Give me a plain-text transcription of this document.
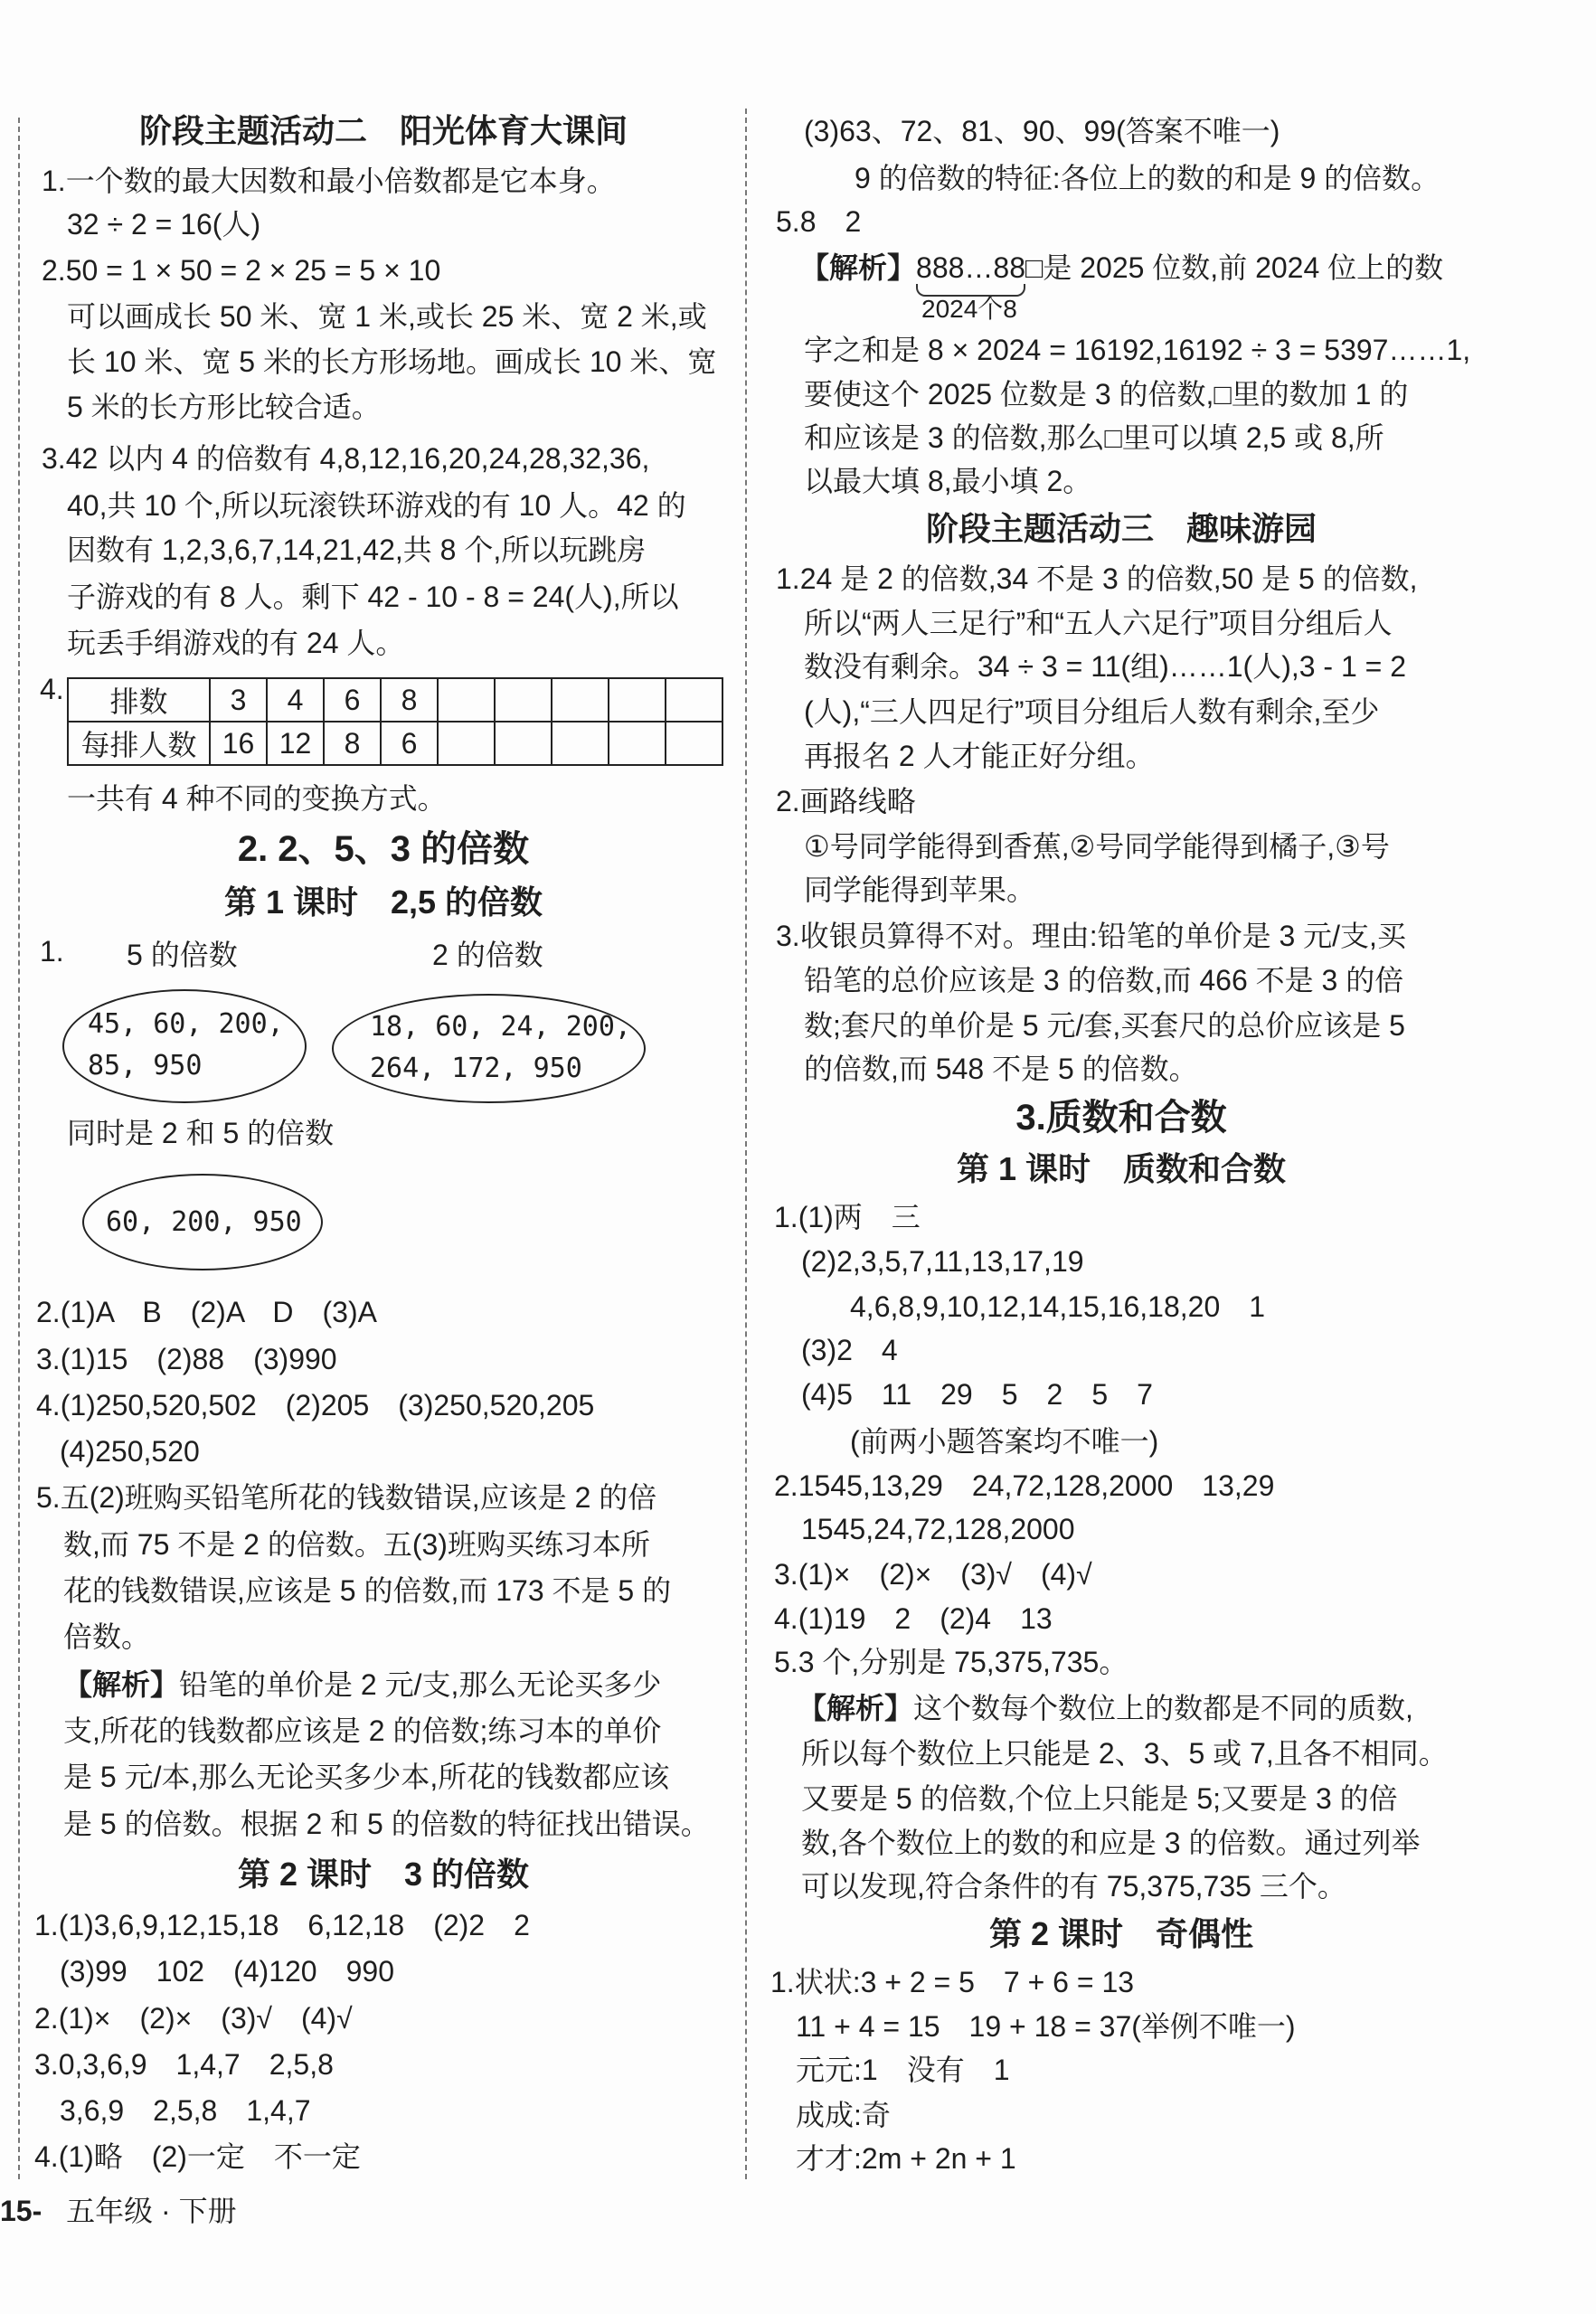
阶段主题活动二　阳光体育大课间
1.一个数的最大因数和最小倍数都是它本身。
32 ÷ 2 = 16(人)
2.50 = 1 × 50 = 2 × 25 = 5 × 10
可以画成长 50 米、宽 1 米,或长 25 米、宽 2 米,或
长 10 米、宽 5 米的长方形场地。画成长 10 米、宽
5 米的长方形比较合适。
3.42 以内 4 的倍数有 4,8,12,16,20,24,28,32,36,
40,共 10 个,所以玩滚铁环游戏的有 10 人。42 的
因数有 1,2,3,6,7,14,21,42,共 8 个,所以玩跳房
子游戏的有 8 人。剩下 42 - 10 - 8 = 24(人),所以
玩丢手绢游戏的有 24 人。
4. 排数	3	4	6	8					
每排人数	16	12	8	6					
一共有 4 种不同的变换方式。
2. 2、5、3 的倍数
第 1 课时　2,5 的倍数
1. 5 的倍数	2 的倍数
45, 60, 200,
85, 950
18, 60, 24, 200,
264, 172, 950
同时是 2 和 5 的倍数
60, 200, 950
2.(1)A　B　(2)A　D　(3)A
3.(1)15　(2)88　(3)990
4.(1)250,520,502　(2)205　(3)250,520,205
(4)250,520
5.五(2)班购买铅笔所花的钱数错误,应该是 2 的倍
数,而 75 不是 2 的倍数。五(3)班购买练习本所
花的钱数错误,应该是 5 的倍数,而 173 不是 5 的
倍数。
【解析】铅笔的单价是 2 元/支,那么无论买多少
支,所花的钱数都应该是 2 的倍数;练习本的单价
是 5 元/本,那么无论买多少本,所花的钱数都应该
是 5 的倍数。根据 2 和 5 的倍数的特征找出错误。
第 2 课时　3 的倍数
1.(1)3,6,9,12,15,18　6,12,18　(2)2　2
(3)99　102　(4)120　990
2.(1)×　(2)×　(3)√　(4)√
3.0,3,6,9　1,4,7　2,5,8
3,6,9　2,5,8　1,4,7
4.(1)略　(2)一定　不一定
(3)63、72、81、90、99(答案不唯一)
9 的倍数的特征:各位上的数的和是 9 的倍数。
5.8　2
【解析】888…88
2024个8
□是 2025 位数,前 2024 位上的数
字之和是 8 × 2024 = 16192,16192 ÷ 3 = 5397……1,
要使这个 2025 位数是 3 的倍数,□里的数加 1 的
和应该是 3 的倍数,那么□里可以填 2,5 或 8,所
以最大填 8,最小填 2。
阶段主题活动三　趣味游园
1.24 是 2 的倍数,34 不是 3 的倍数,50 是 5 的倍数,
所以“两人三足行”和“五人六足行”项目分组后人
数没有剩余。34 ÷ 3 = 11(组)……1(人),3 - 1 = 2
(人),“三人四足行”项目分组后人数有剩余,至少
再报名 2 人才能正好分组。
2.画路线略
①号同学能得到香蕉,②号同学能得到橘子,③号
同学能得到苹果。
3.收银员算得不对。理由:铅笔的单价是 3 元/支,买
铅笔的总价应该是 3 的倍数,而 466 不是 3 的倍
数;套尺的单价是 5 元/套,买套尺的总价应该是 5
的倍数,而 548 不是 5 的倍数。
3.质数和合数
第 1 课时　质数和合数
1.(1)两　三
(2)2,3,5,7,11,13,17,19
4,6,8,9,10,12,14,15,16,18,20　1
(3)2　4
(4)5　11　29　5　2　5　7
(前两小题答案均不唯一)
2.1545,13,29　24,72,128,2000　13,29
1545,24,72,128,2000
3.(1)×　(2)×　(3)√　(4)√
4.(1)19　2　(2)4　13
5.3 个,分别是 75,375,735。
【解析】这个数每个数位上的数都是不同的质数,
所以每个数位上只能是 2、3、5 或 7,且各不相同。
又要是 5 的倍数,个位上只能是 5;又要是 3 的倍
数,各个数位上的数的和应是 3 的倍数。通过列举
可以发现,符合条件的有 75,375,735 三个。
第 2 课时　奇偶性
1.状状:3 + 2 = 5　7 + 6 = 13
11 + 4 = 15　19 + 18 = 37(举例不唯一)
元元:1　没有　1
成成:奇
才才:2m + 2n + 1
15- 五年级 · 下册
